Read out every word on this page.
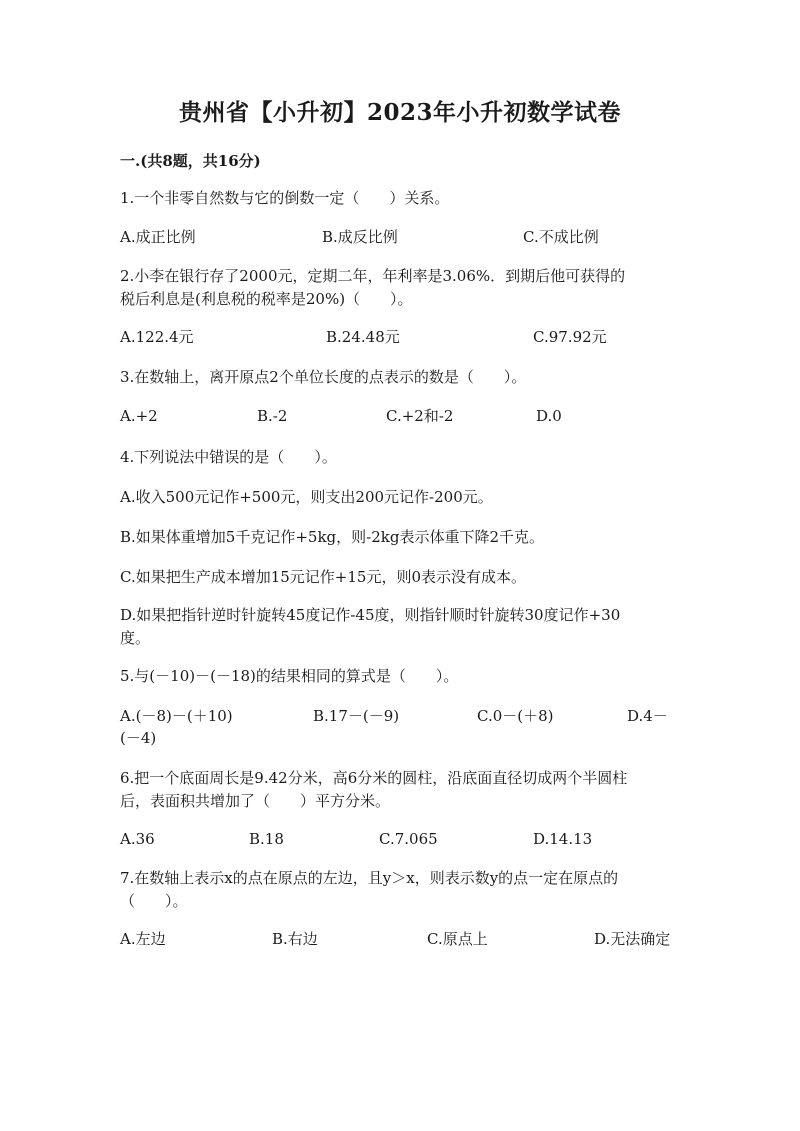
贵州省【小升初】2023年小升初数学试卷
一.(共8题，共16分)
1.一个非零自然数与它的倒数一定（　　）关系。
A.成正比例	B.成反比例	C.不成比例
2.小李在银行存了2000元，定期二年，年利率是3.06%．到期后他可获得的
税后利息是(利息税的税率是20%)（　　）。
A.122.4元	B.24.48元	C.97.92元
3.在数轴上，离开原点2个单位长度的点表示的数是（　　）。
A.+2	B.-2	C.+2和-2	D.0
4.下列说法中错误的是（　　）。
A.收入500元记作+500元，则支出200元记作-200元。
B.如果体重增加5千克记作+5kg，则-2kg表示体重下降2千克。
C.如果把生产成本增加15元记作+15元，则0表示没有成本。
D.如果把指针逆时针旋转45度记作-45度，则指针顺时针旋转30度记作+30
度。
5.与(－10)－(－18)的结果相同的算式是（　　）。
A.(－8)－(＋10)	B.17－(－9)	C.0－(＋8)	D.4－
(－4)
6.把一个底面周长是9.42分米，高6分米的圆柱，沿底面直径切成两个半圆柱
后，表面积共增加了（　　）平方分米。
A.36	B.18	C.7.065	D.14.13
7.在数轴上表示x的点在原点的左边，且y＞x，则表示数y的点一定在原点的
（　　）。
A.左边	B.右边	C.原点上	D.无法确定
